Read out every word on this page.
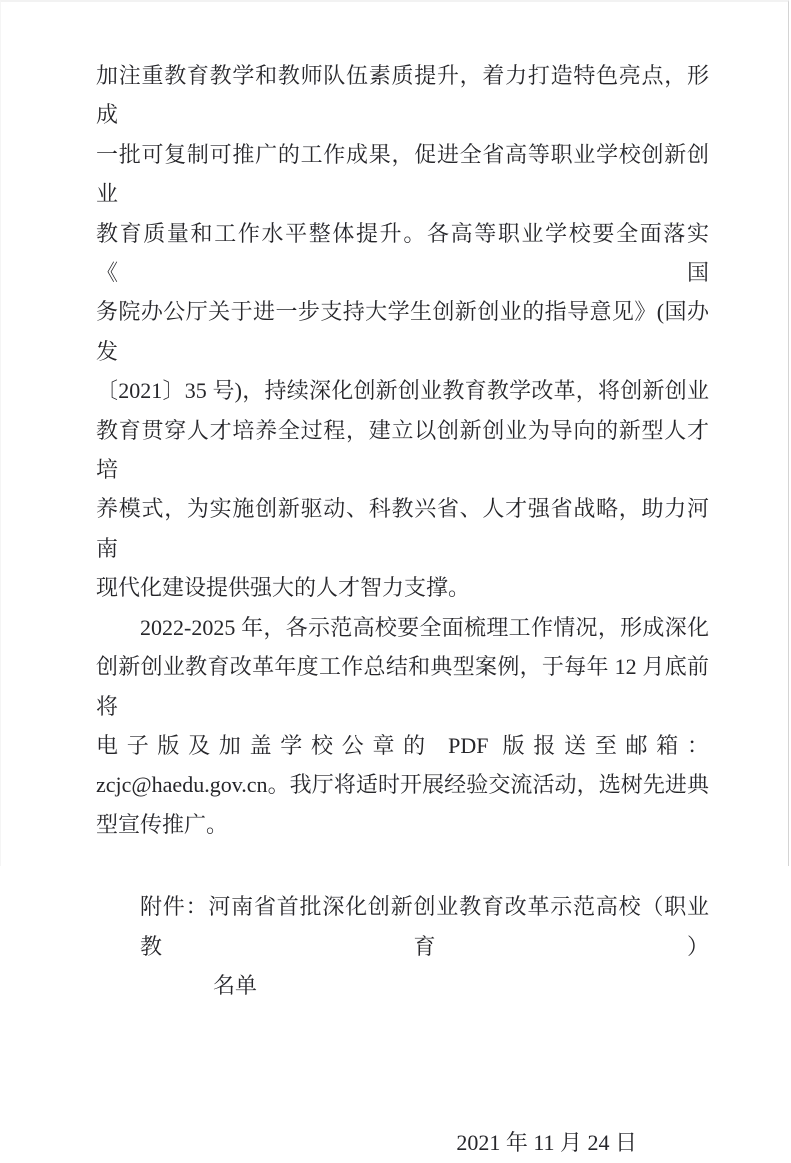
加注重教育教学和教师队伍素质提升，着力打造特色亮点，形成
一批可复制可推广的工作成果，促进全省高等职业学校创新创业
教育质量和工作水平整体提升。各高等职业学校要全面落实《国
务院办公厅关于进一步支持大学生创新创业的指导意见》(国办发
〔2021〕35 号)，持续深化创新创业教育教学改革，将创新创业
教育贯穿人才培养全过程，建立以创新创业为导向的新型人才培
养模式，为实施创新驱动、科教兴省、人才强省战略，助力河南
现代化建设提供强大的人才智力支撑。
2022-2025 年，各示范高校要全面梳理工作情况，形成深化
创新创业教育改革年度工作总结和典型案例，于每年 12 月底前将
电子版及加盖学校公章的 PDF 版报送至邮箱：
zcjc@haedu.gov.cn。我厅将适时开展经验交流活动，选树先进典
型宣传推广。
附件：河南省首批深化创新创业教育改革示范高校（职业教育）
名单
2021 年 11 月 24 日
